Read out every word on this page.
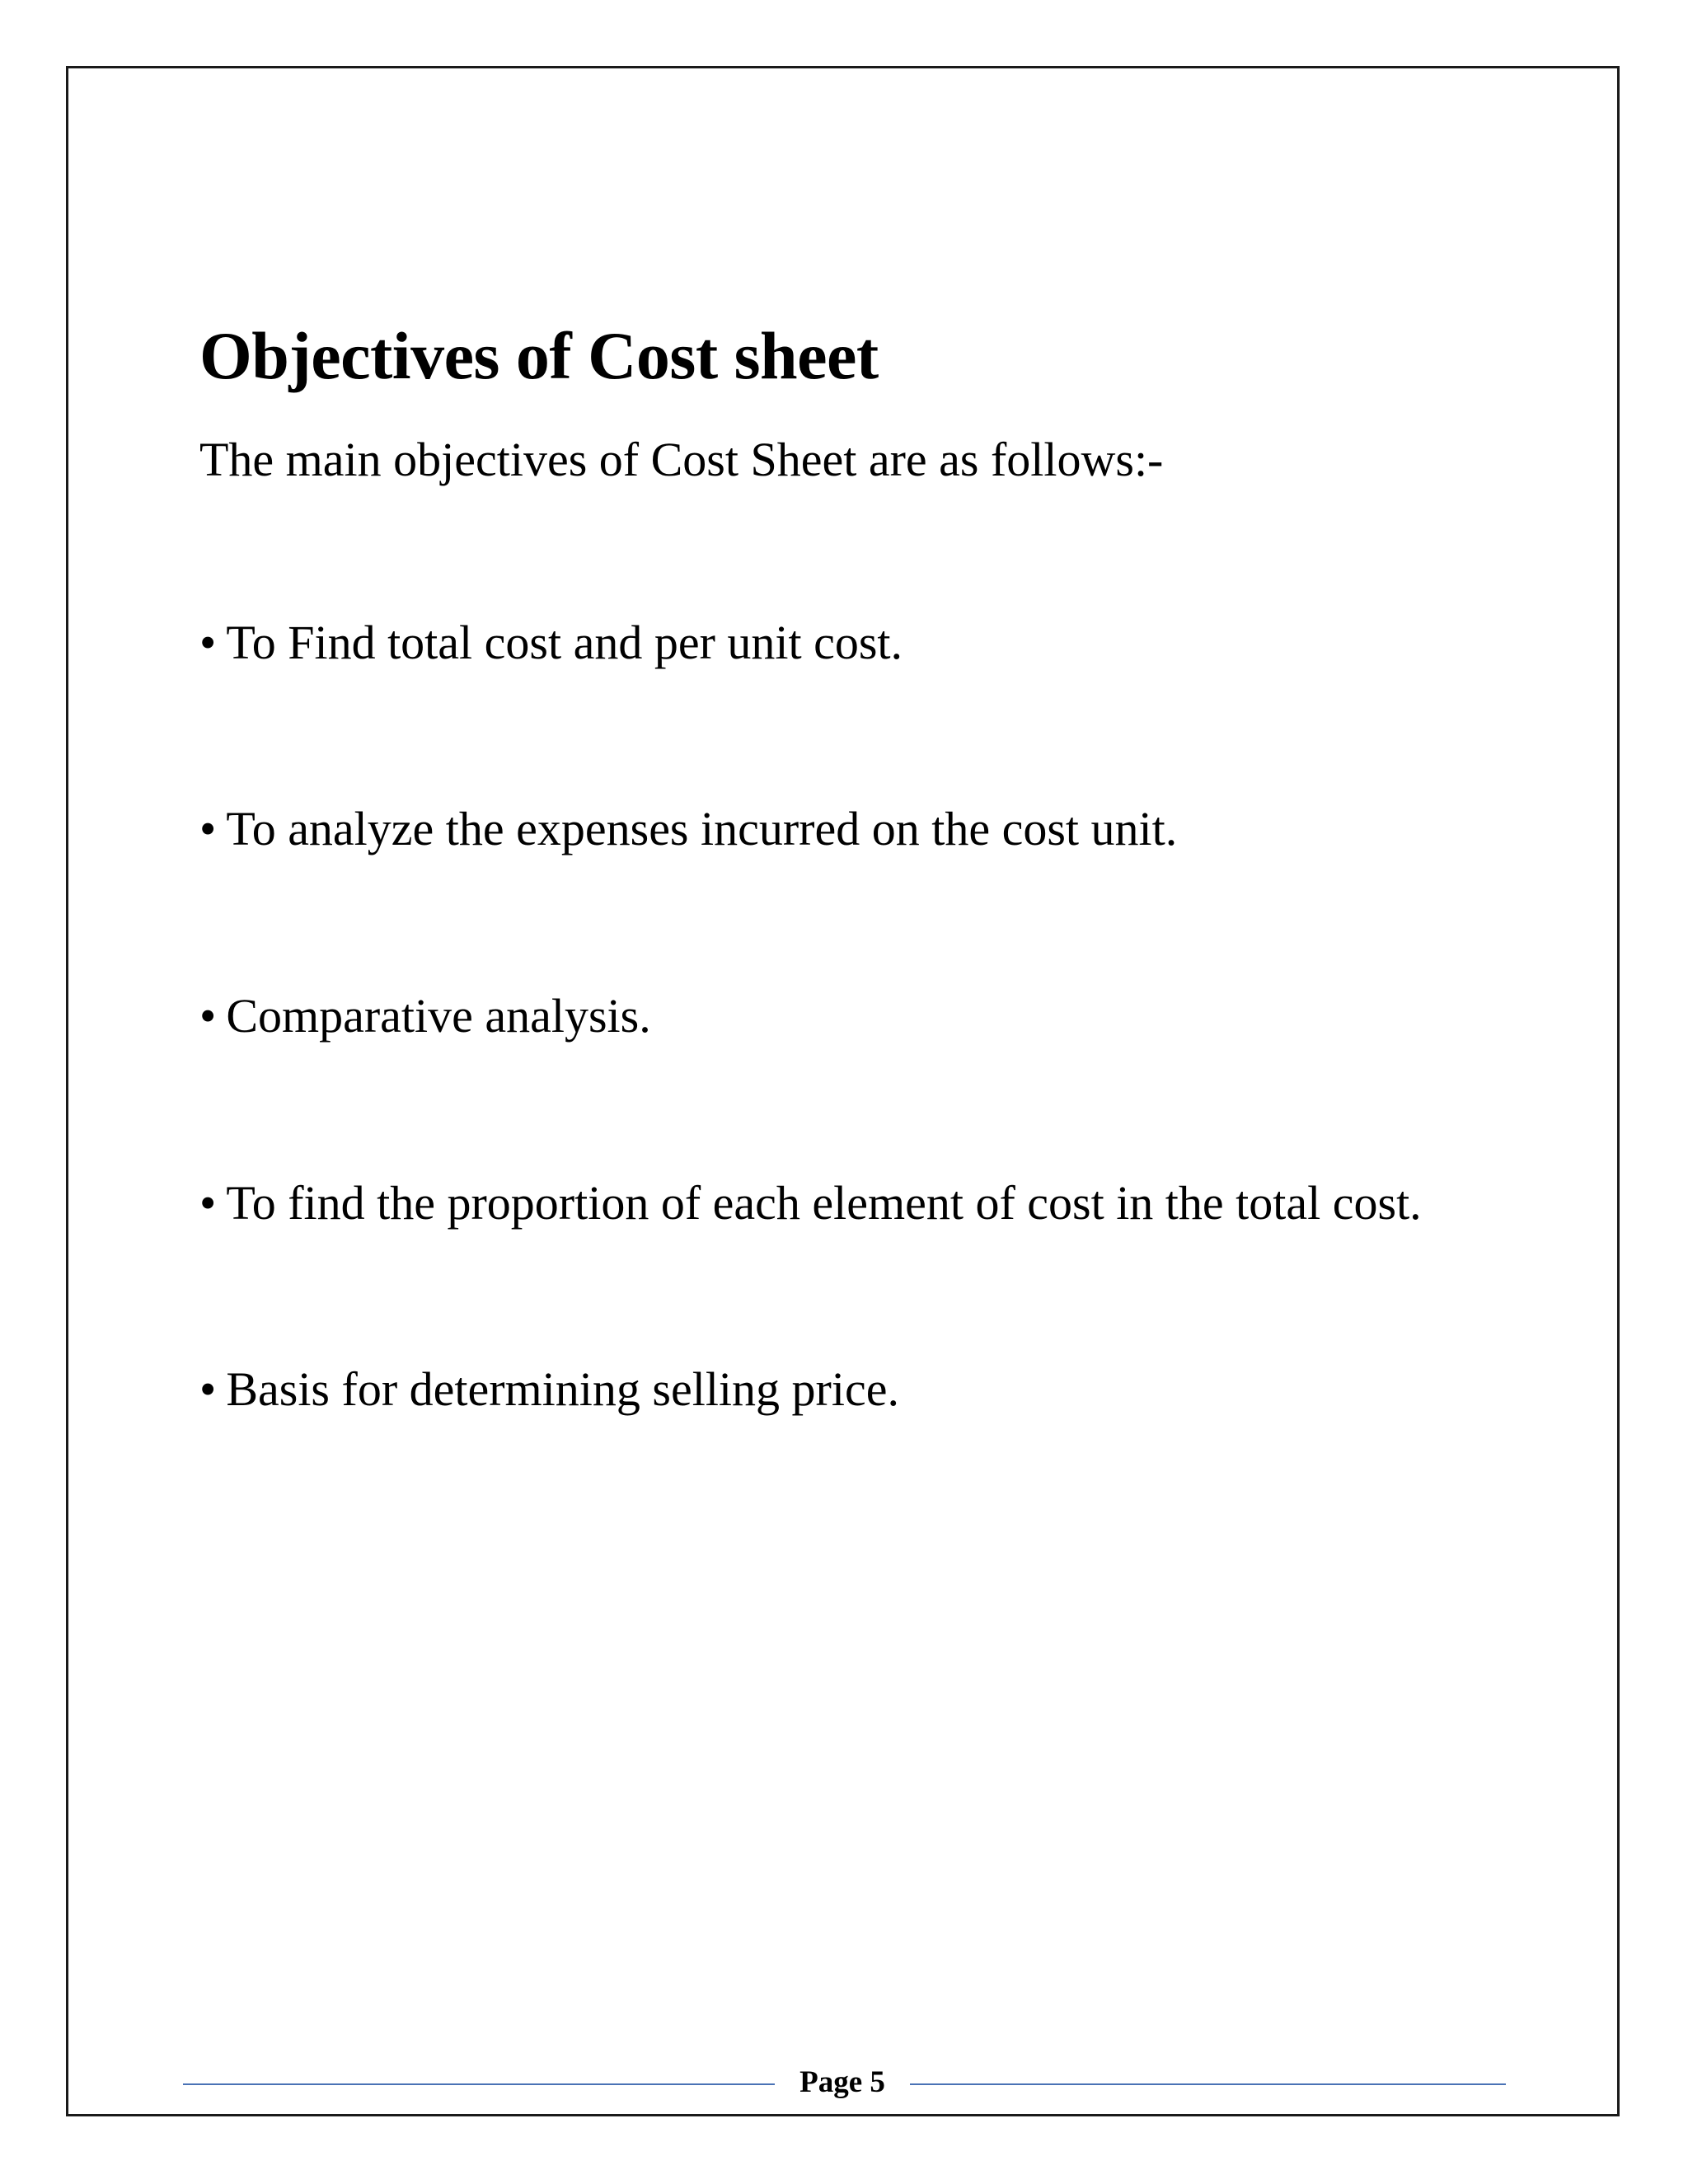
Objectives of Cost sheet

The main objectives of Cost Sheet are as follows:-

• To Find total cost and per unit cost.
• To analyze the expenses incurred on the cost unit.
• Comparative analysis.
• To find the proportion of each element of cost in the total cost.
• Basis for determining selling price.
Page 5
